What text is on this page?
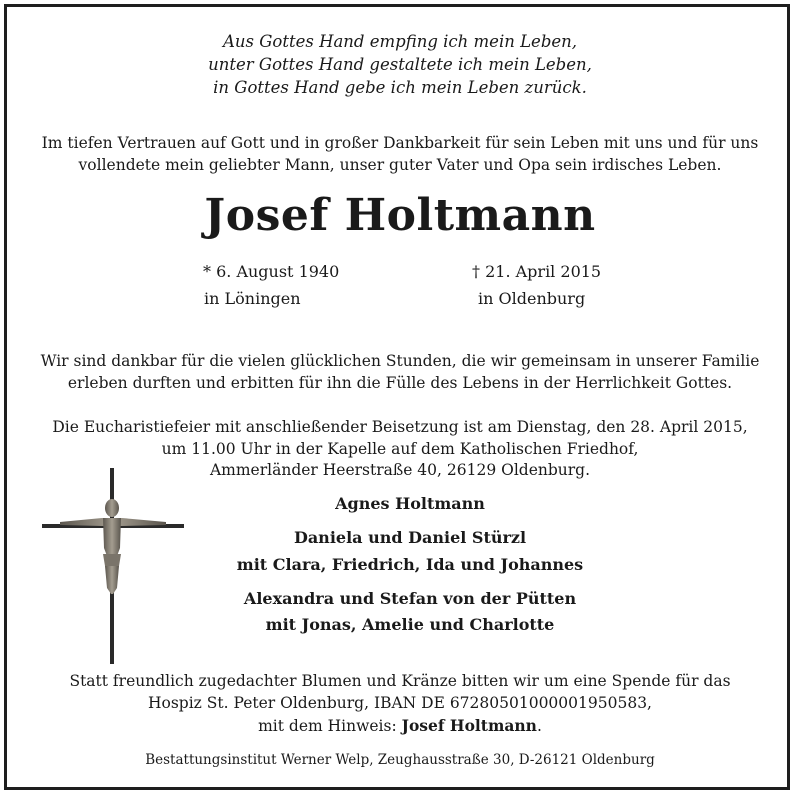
Aus Gottes Hand empfing ich mein Leben,
unter Gottes Hand gestaltete ich mein Leben,
in Gottes Hand gebe ich mein Leben zurück.
Im tiefen Vertrauen auf Gott und in großer Dankbarkeit für sein Leben mit uns und für uns
vollendete mein geliebter Mann, unser guter Vater und Opa sein irdisches Leben.
Josef Holtmann
* 6. August 1940
in Löningen
† 21. April 2015
in Oldenburg
Wir sind dankbar für die vielen glücklichen Stunden, die wir gemeinsam in unserer Familie
erleben durften und erbitten für ihn die Fülle des Lebens in der Herrlichkeit Gottes.
Die Eucharistiefeier mit anschließender Beisetzung ist am Dienstag, den 28. April 2015,
um 11.00 Uhr in der Kapelle auf dem Katholischen Friedhof,
Ammerländer Heerstraße 40, 26129 Oldenburg.
Agnes Holtmann
Daniela und Daniel Stürzl
mit Clara, Friedrich, Ida und Johannes
Alexandra und Stefan von der Pütten
mit Jonas, Amelie und Charlotte
Statt freundlich zugedachter Blumen und Kränze bitten wir um eine Spende für das
Hospiz St. Peter Oldenburg, IBAN DE 67280501000001950583,
mit dem Hinweis: Josef Holtmann.
Bestattungsinstitut Werner Welp, Zeughausstraße 30, D-26121 Oldenburg
